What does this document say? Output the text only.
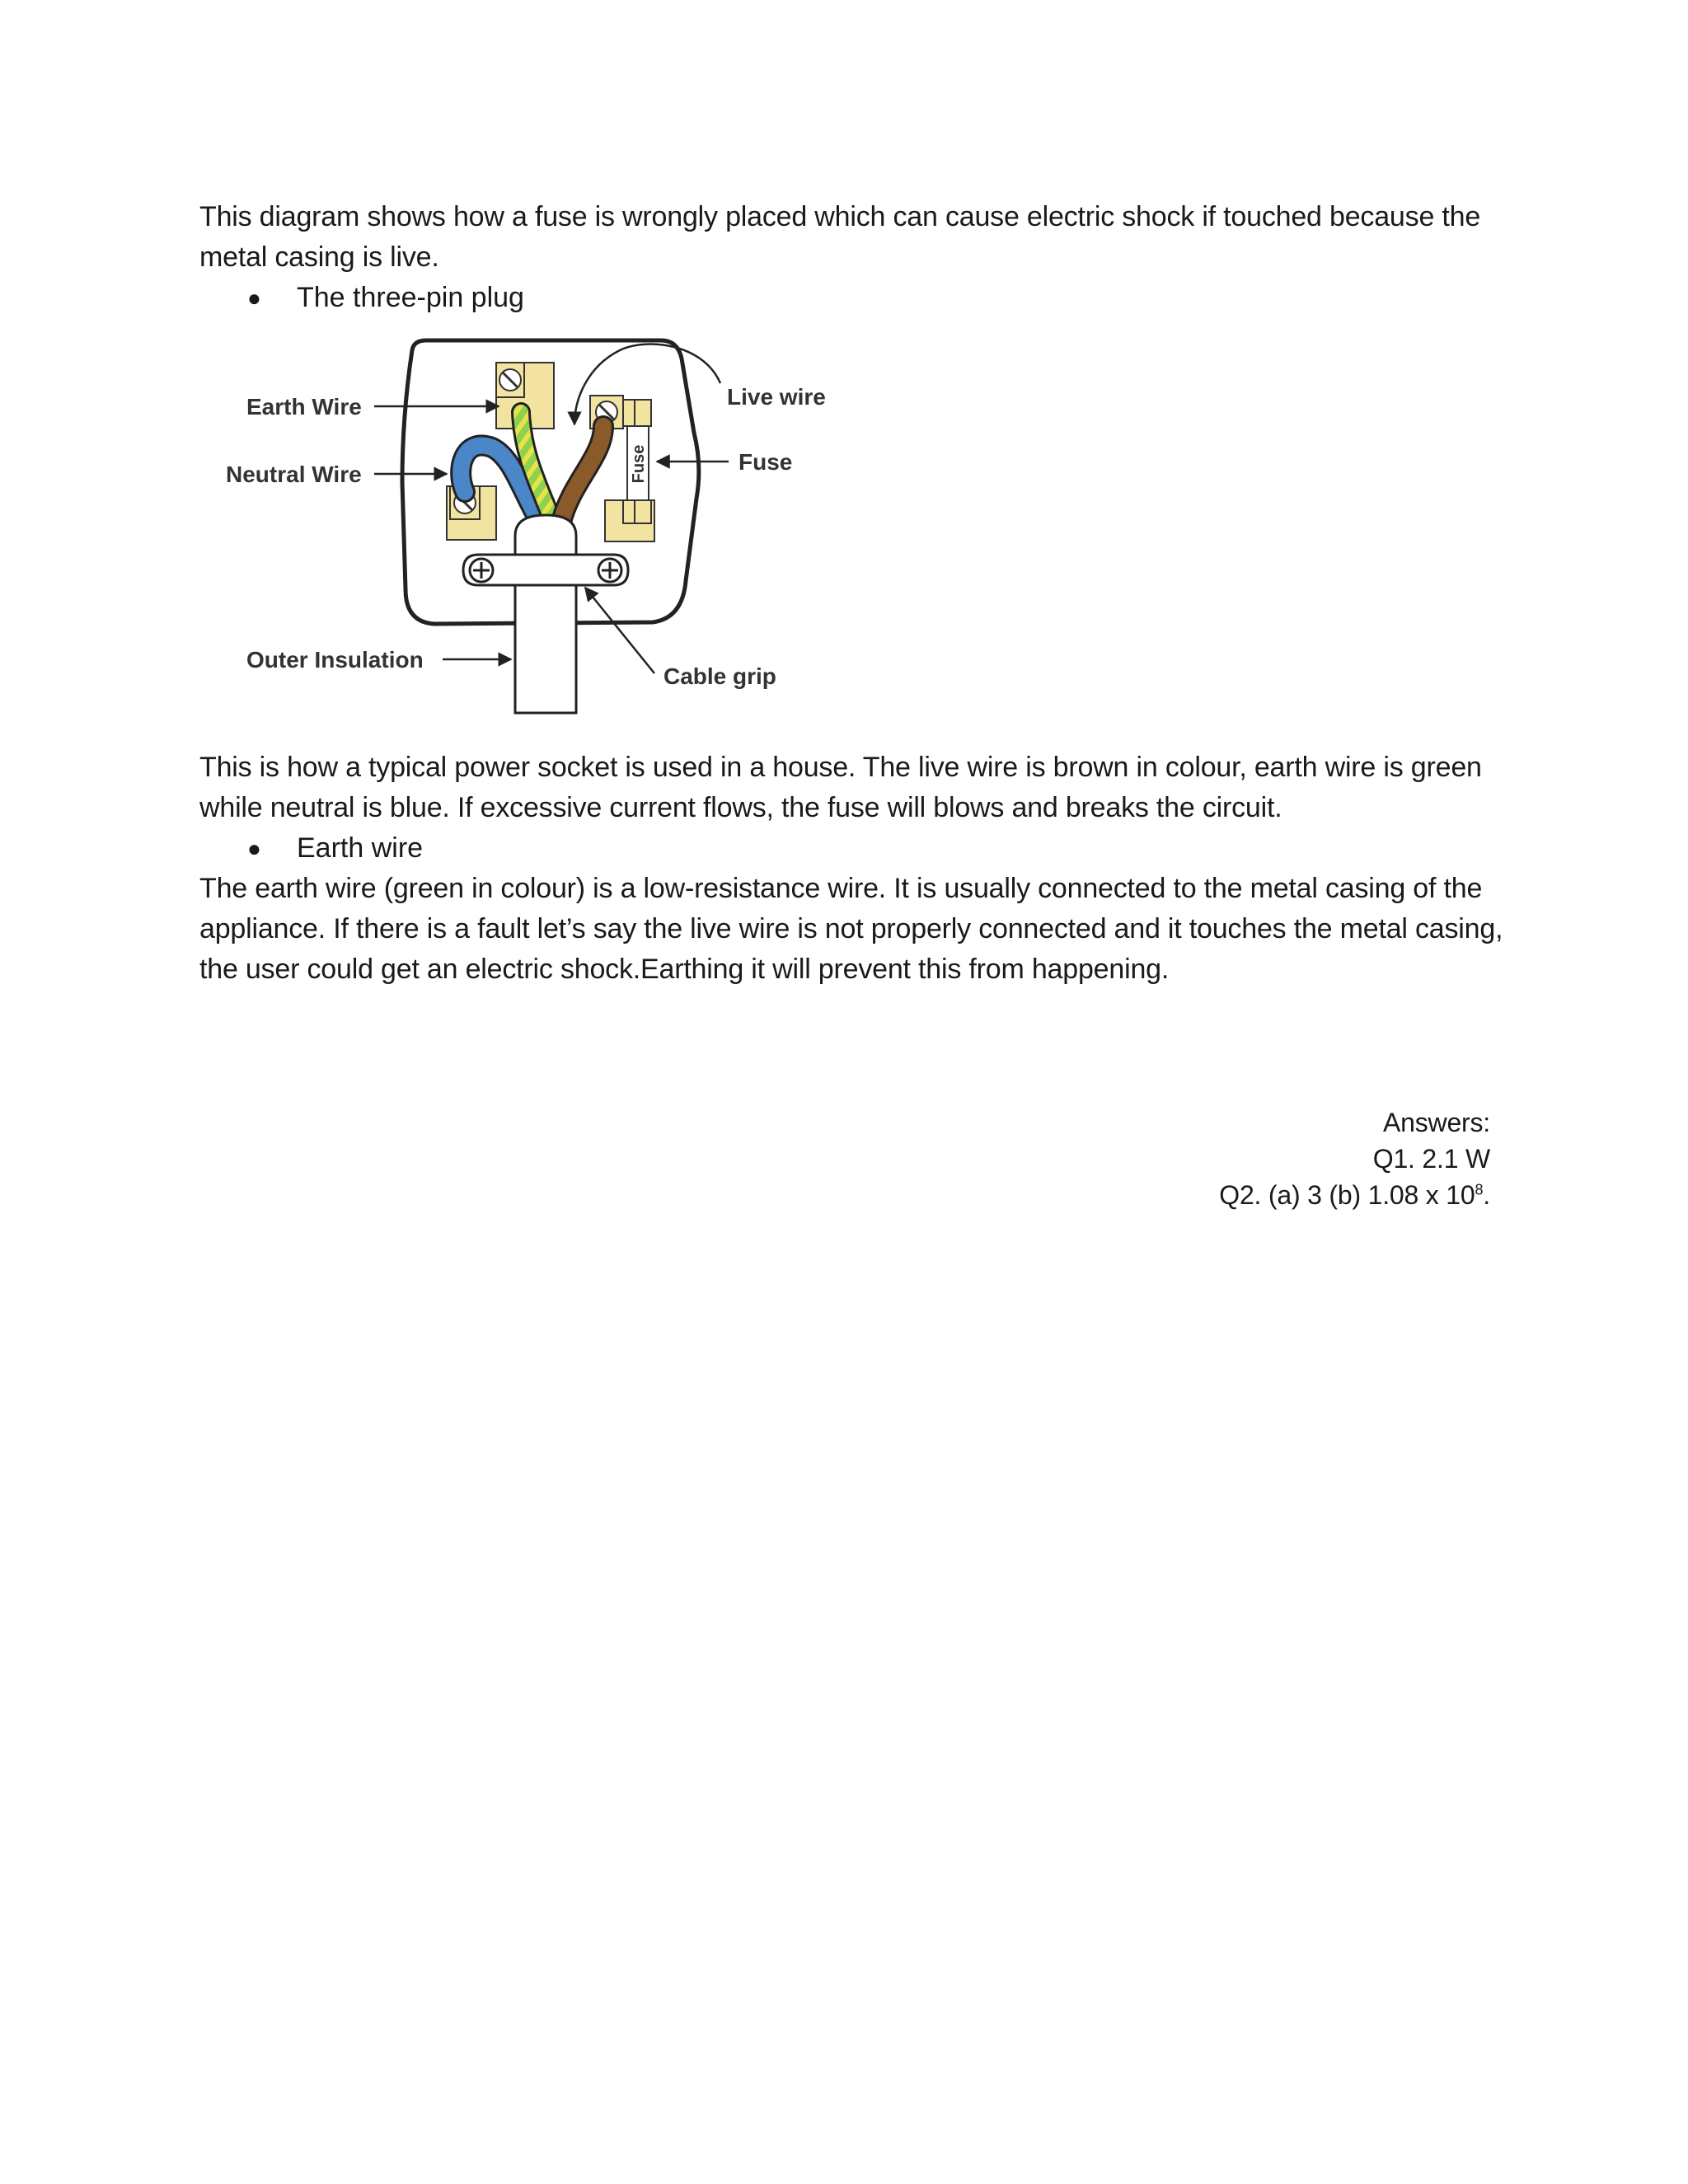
This diagram shows how a fuse is wrongly placed which can cause electric shock if touched because the metal casing is live.

●	The three-pin plug
Fuse
Earth Wire
Neutral Wire
Outer Insulation
Live wire
Fuse
Cable grip

This is how a typical power socket is used in a house. The live wire is brown in colour, earth wire is green while neutral is blue. If excessive current flows, the fuse will blows and breaks the circuit.

●	Earth wire

The earth wire (green in colour) is a low-resistance wire. It is usually connected to the metal casing of the appliance. If there is a fault let’s say the live wire is not properly connected and it touches the metal casing, the user could get an electric shock.Earthing it will prevent this from happening.

Answers:
Q1. 2.1 W
Q2. (a) 3 (b) 1.08 x $10^8$.
